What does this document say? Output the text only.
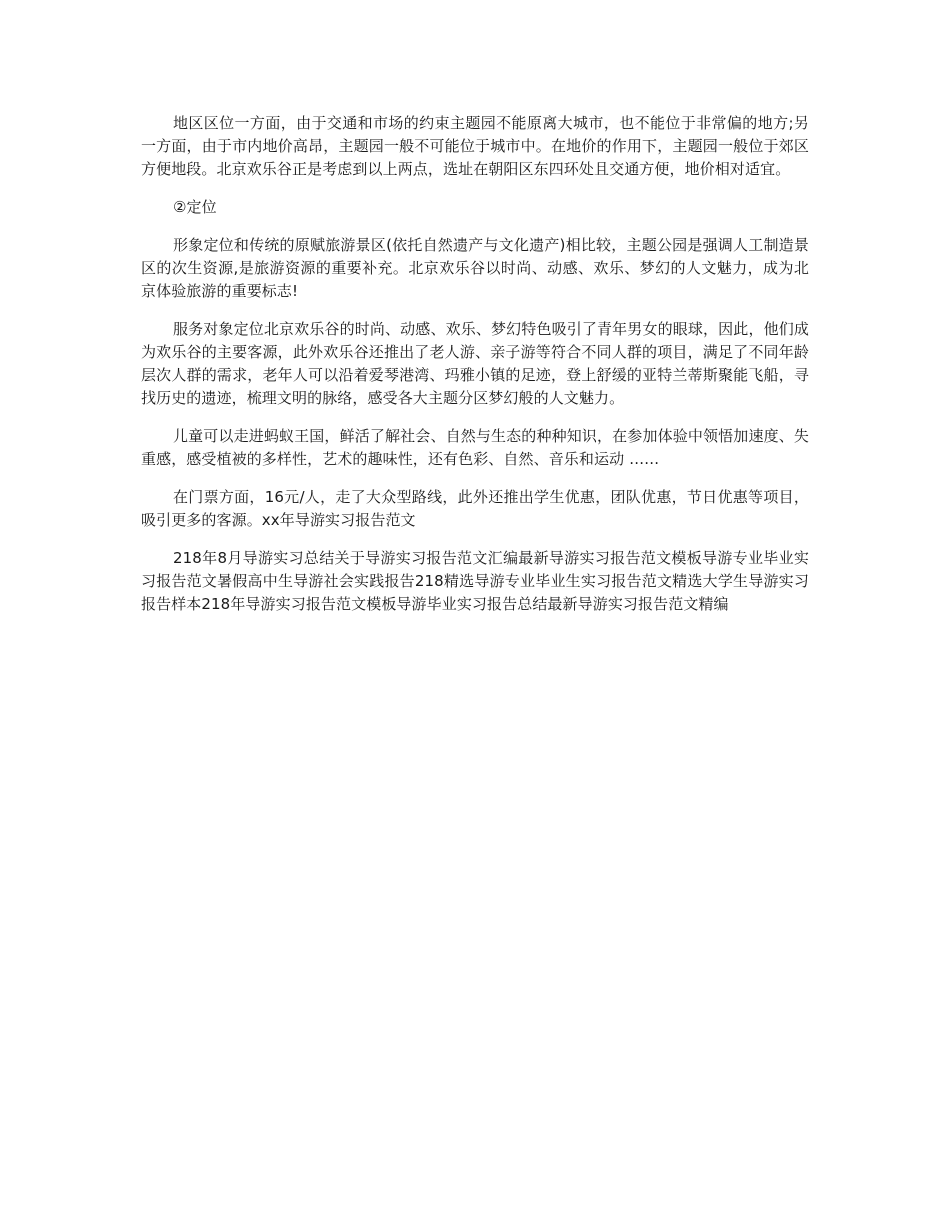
地区区位一方面，由于交通和市场的约束主题园不能原离大城市，也不能位于非常偏的地方;另一方面，由于市内地价高昂，主题园一般不可能位于城市中。在地价的作用下，主题园一般位于郊区方便地段。北京欢乐谷正是考虑到以上两点，选址在朝阳区东四环处且交通方便，地价相对适宜。

②定位

形象定位和传统的原赋旅游景区(依托自然遗产与文化遗产)相比较，主题公园是强调人工制造景区的次生资源,是旅游资源的重要补充。北京欢乐谷以时尚、动感、欢乐、梦幻的人文魅力，成为北京体验旅游的重要标志!

服务对象定位北京欢乐谷的时尚、动感、欢乐、梦幻特色吸引了青年男女的眼球，因此，他们成为欢乐谷的主要客源，此外欢乐谷还推出了老人游、亲子游等符合不同人群的项目，满足了不同年龄层次人群的需求，老年人可以沿着爱琴港湾、玛雅小镇的足迹，登上舒缓的亚特兰蒂斯聚能飞船，寻找历史的遗迹，梳理文明的脉络，感受各大主题分区梦幻般的人文魅力。

儿童可以走进蚂蚁王国，鲜活了解社会、自然与生态的种种知识，在参加体验中领悟加速度、失重感，感受植被的多样性，艺术的趣味性，还有色彩、自然、音乐和运动 ……

在门票方面，16元/人，走了大众型路线，此外还推出学生优惠，团队优惠，节日优惠等项目，吸引更多的客源。xx年导游实习报告范文

218年8月导游实习总结关于导游实习报告范文汇编最新导游实习报告范文模板导游专业毕业实习报告范文暑假高中生导游社会实践报告218精选导游专业毕业生实习报告范文精选大学生导游实习报告样本218年导游实习报告范文模板导游毕业实习报告总结最新导游实习报告范文精编
